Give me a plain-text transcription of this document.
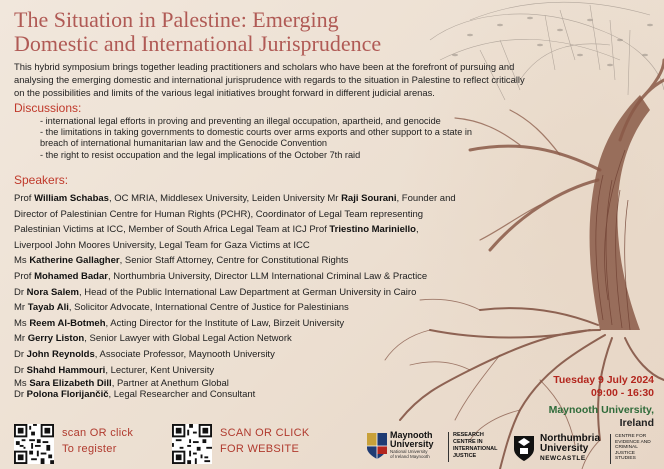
The Situation in Palestine: Emerging
Domestic and International Jurisprudence
This hybrid symposium brings together leading practitioners and scholars who have been at the forefront of pursuing and analysing the emerging domestic and international jurisprudence with regards to the situation in Palestine to reflect critically on the possibilities and limits of the various legal initiatives brought forward in different judicial arenas.
Discussions:
- international legal efforts in proving and preventing an illegal occupation, apartheid, and genocide
- the limitations in taking governments to domestic courts over arms exports and other support to a state in
breach of international humanitarian law and the Genocide Convention
- the right to resist occupation and the legal implications of the October 7th raid
Speakers:
Prof William Schabas, OC MRIA, Middlesex University, Leiden University Mr Raji Sourani, Founder and
Director of Palestinian Centre for Human Rights (PCHR), Coordinator of Legal Team representing
Palestinian Victims at ICC, Member of South Africa Legal Team at ICJ Prof Triestino Mariniello,
Liverpool John Moores University, Legal Team for Gaza Victims at ICC
Ms Katherine Gallagher, Senior Staff Attorney, Centre for Constitutional Rights
Prof Mohamed Badar, Northumbria University, Director LLM International Criminal Law & Practice
Dr Nora Salem, Head of the Public International Law Department at German University in Cairo
Mr Tayab Ali, Solicitor Advocate, International Centre of Justice for Palestinians
Ms Reem Al-Botmeh, Acting Director for the Institute of Law, Birzeit University
Mr Gerry Liston, Senior Lawyer with Global Legal Action Network
Dr John Reynolds, Associate Professor, Maynooth University
Dr Shahd Hammouri, Lecturer, Kent University
Ms Sara Elizabeth Dill, Partner at Anethum Global
Dr Polona Florijančič, Legal Researcher and Consultant
Tuesday 9 July 2024
09:00 - 16:30
Maynooth University,
Ireland
scan OR click
To register
SCAN OR CLICK
FOR WEBSITE
Maynooth
University
National University
of Ireland Maynooth
RESEARCH
CENTRE IN
INTERNATIONAL
JUSTICE
Northumbria
University
NEWCASTLE
CENTRE FOR
EVIDENCE AND
CRIMINAL
JUSTICE
STUDIES
